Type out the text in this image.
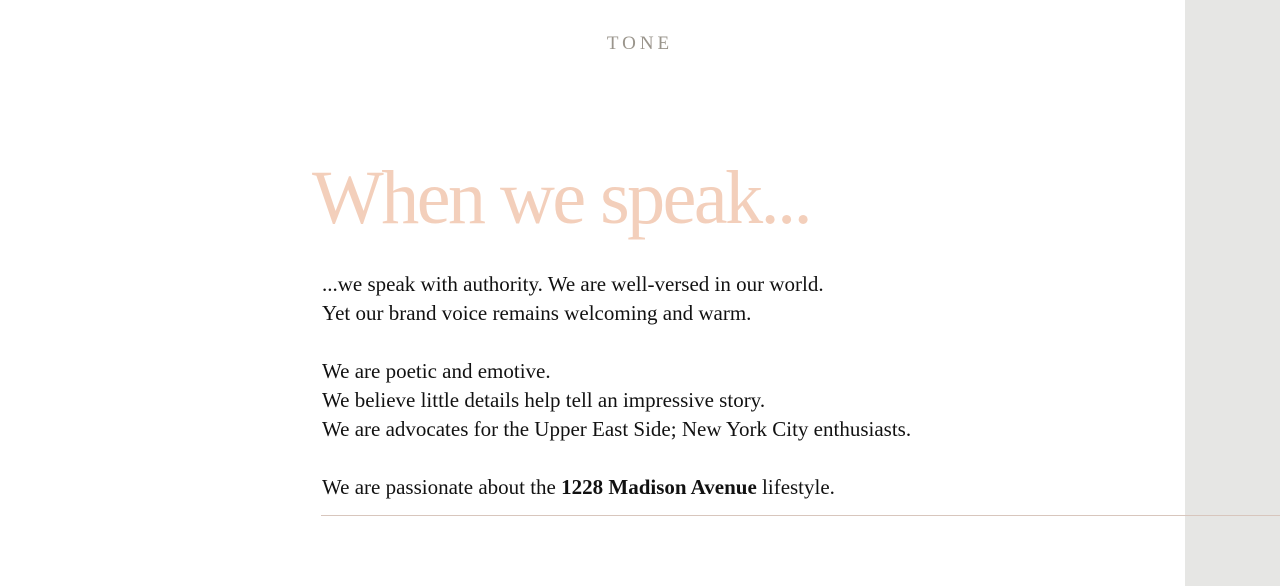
TONE
When we speak...

...we speak with authority. We are well-versed in our world.
Yet our brand voice remains welcoming and warm.

We are poetic and emotive.
We believe little details help tell an impressive story.
We are advocates for the Upper East Side; New York City enthusiasts.

We are passionate about the 1228 Madison Avenue lifestyle.
